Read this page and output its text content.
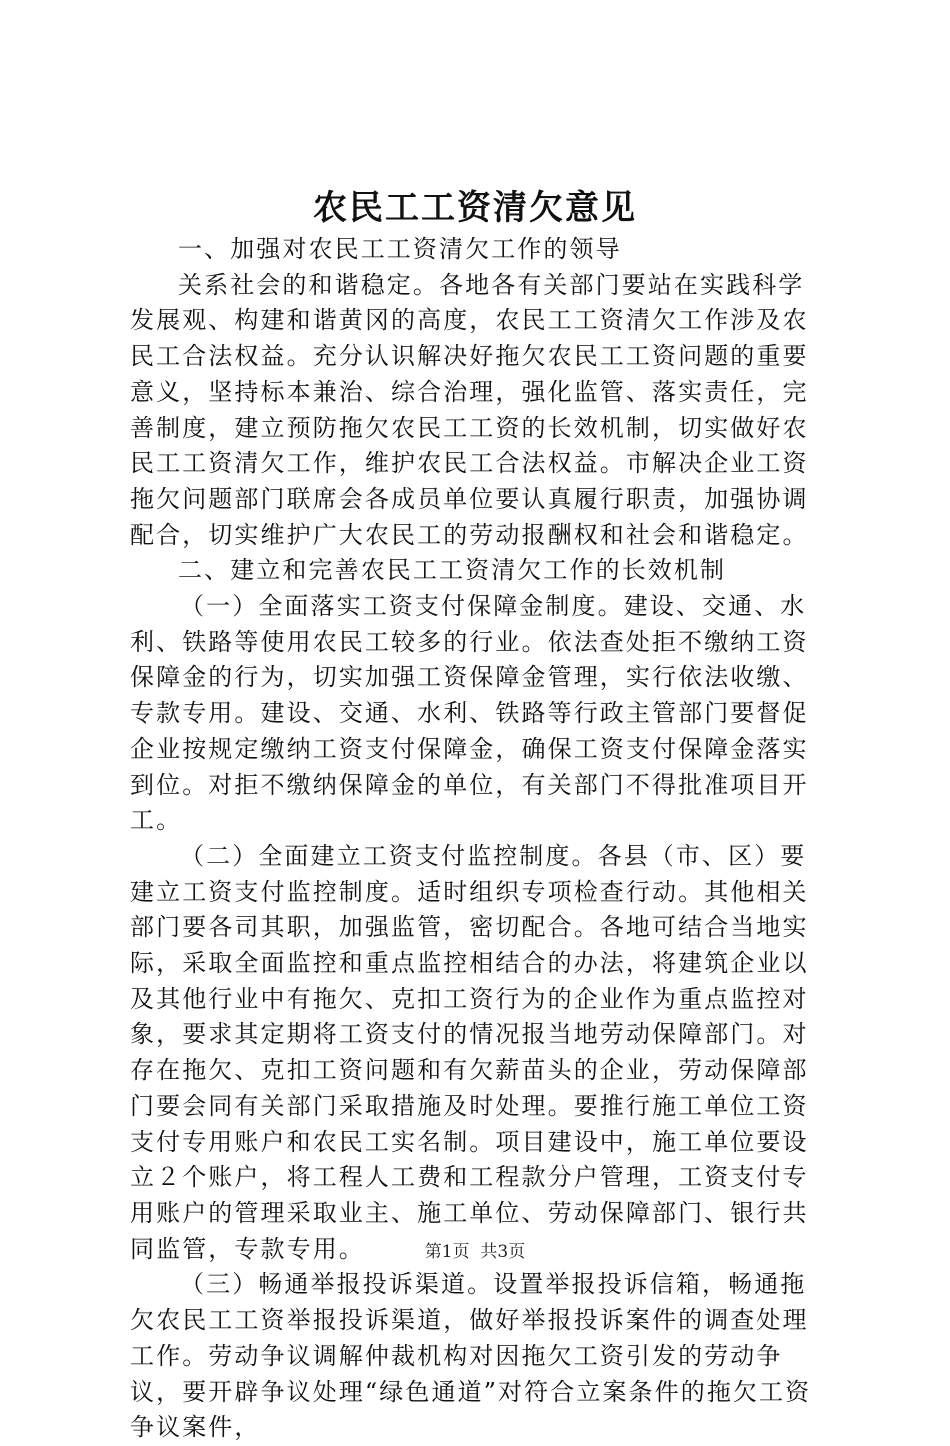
农民工工资清欠意见

一、加强对农民工工资清欠工作的领导

关系社会的和谐稳定。各地各有关部门要站在实践科学发展观、构建和谐黄冈的高度，农民工工资清欠工作涉及农民工合法权益。充分认识解决好拖欠农民工工资问题的重要意义，坚持标本兼治、综合治理，强化监管、落实责任，完善制度，建立预防拖欠农民工工资的长效机制，切实做好农民工工资清欠工作，维护农民工合法权益。市解决企业工资拖欠问题部门联席会各成员单位要认真履行职责，加强协调配合，切实维护广大农民工的劳动报酬权和社会和谐稳定。

二、建立和完善农民工工资清欠工作的长效机制

（一）全面落实工资支付保障金制度。建设、交通、水利、铁路等使用农民工较多的行业。依法查处拒不缴纳工资保障金的行为，切实加强工资保障金管理，实行依法收缴、专款专用。建设、交通、水利、铁路等行政主管部门要督促企业按规定缴纳工资支付保障金，确保工资支付保障金落实到位。对拒不缴纳保障金的单位，有关部门不得批准项目开工。

（二）全面建立工资支付监控制度。各县（市、区）要建立工资支付监控制度。适时组织专项检查行动。其他相关部门要各司其职，加强监管，密切配合。各地可结合当地实际，采取全面监控和重点监控相结合的办法，将建筑企业以及其他行业中有拖欠、克扣工资行为的企业作为重点监控对象，要求其定期将工资支付的情况报当地劳动保障部门。对存在拖欠、克扣工资问题和有欠薪苗头的企业，劳动保障部门要会同有关部门采取措施及时处理。要推行施工单位工资支付专用账户和农民工实名制。项目建设中，施工单位要设立２个账户，将工程人工费和工程款分户管理，工资支付专用账户的管理采取业主、施工单位、劳动保障部门、银行共同监管，专款专用。

（三）畅通举报投诉渠道。设置举报投诉信箱，畅通拖欠农民工工资举报投诉渠道，做好举报投诉案件的调查处理工作。劳动争议调解仲裁机构对因拖欠工资引发的劳动争议，要开辟争议处理“绿色通道”对符合立案条件的拖欠工资争议案件，

第1页  共3页
